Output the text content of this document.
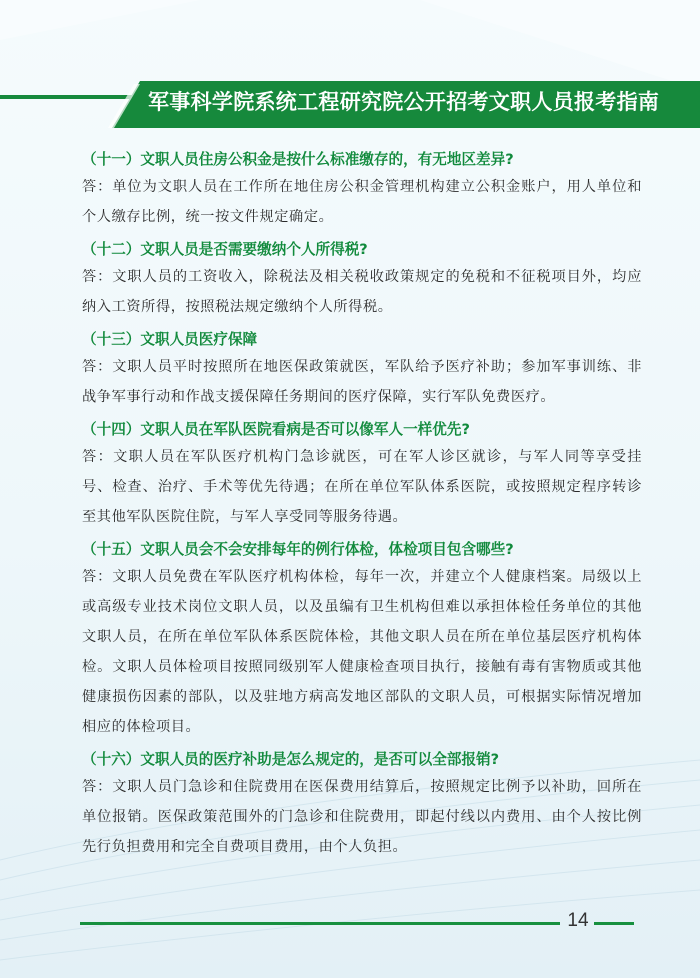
军事科学院系统工程研究院公开招考文职人员报考指南

（十一）文职人员住房公积金是按什么标准缴存的，有无地区差异?

答：单位为文职人员在工作所在地住房公积金管理机构建立公积金账户，用人单位和个人缴存比例，统一按文件规定确定。

（十二）文职人员是否需要缴纳个人所得税?

答：文职人员的工资收入，除税法及相关税收政策规定的免税和不征税项目外，均应纳入工资所得，按照税法规定缴纳个人所得税。

（十三）文职人员医疗保障

答：文职人员平时按照所在地医保政策就医，军队给予医疗补助；参加军事训练、非战争军事行动和作战支援保障任务期间的医疗保障，实行军队免费医疗。

（十四）文职人员在军队医院看病是否可以像军人一样优先?

答：文职人员在军队医疗机构门急诊就医，可在军人诊区就诊，与军人同等享受挂号、检查、治疗、手术等优先待遇；在所在单位军队体系医院，或按照规定程序转诊至其他军队医院住院，与军人享受同等服务待遇。

（十五）文职人员会不会安排每年的例行体检，体检项目包含哪些?

答：文职人员免费在军队医疗机构体检，每年一次，并建立个人健康档案。局级以上或高级专业技术岗位文职人员，以及虽编有卫生机构但难以承担体检任务单位的其他文职人员，在所在单位军队体系医院体检，其他文职人员在所在单位基层医疗机构体检。文职人员体检项目按照同级别军人健康检查项目执行，接触有毒有害物质或其他健康损伤因素的部队，以及驻地方病高发地区部队的文职人员，可根据实际情况增加相应的体检项目。

（十六）文职人员的医疗补助是怎么规定的，是否可以全部报销?

答：文职人员门急诊和住院费用在医保费用结算后，按照规定比例予以补助，回所在单位报销。医保政策范围外的门急诊和住院费用，即起付线以内费用、由个人按比例先行负担费用和完全自费项目费用，由个人负担。

14
